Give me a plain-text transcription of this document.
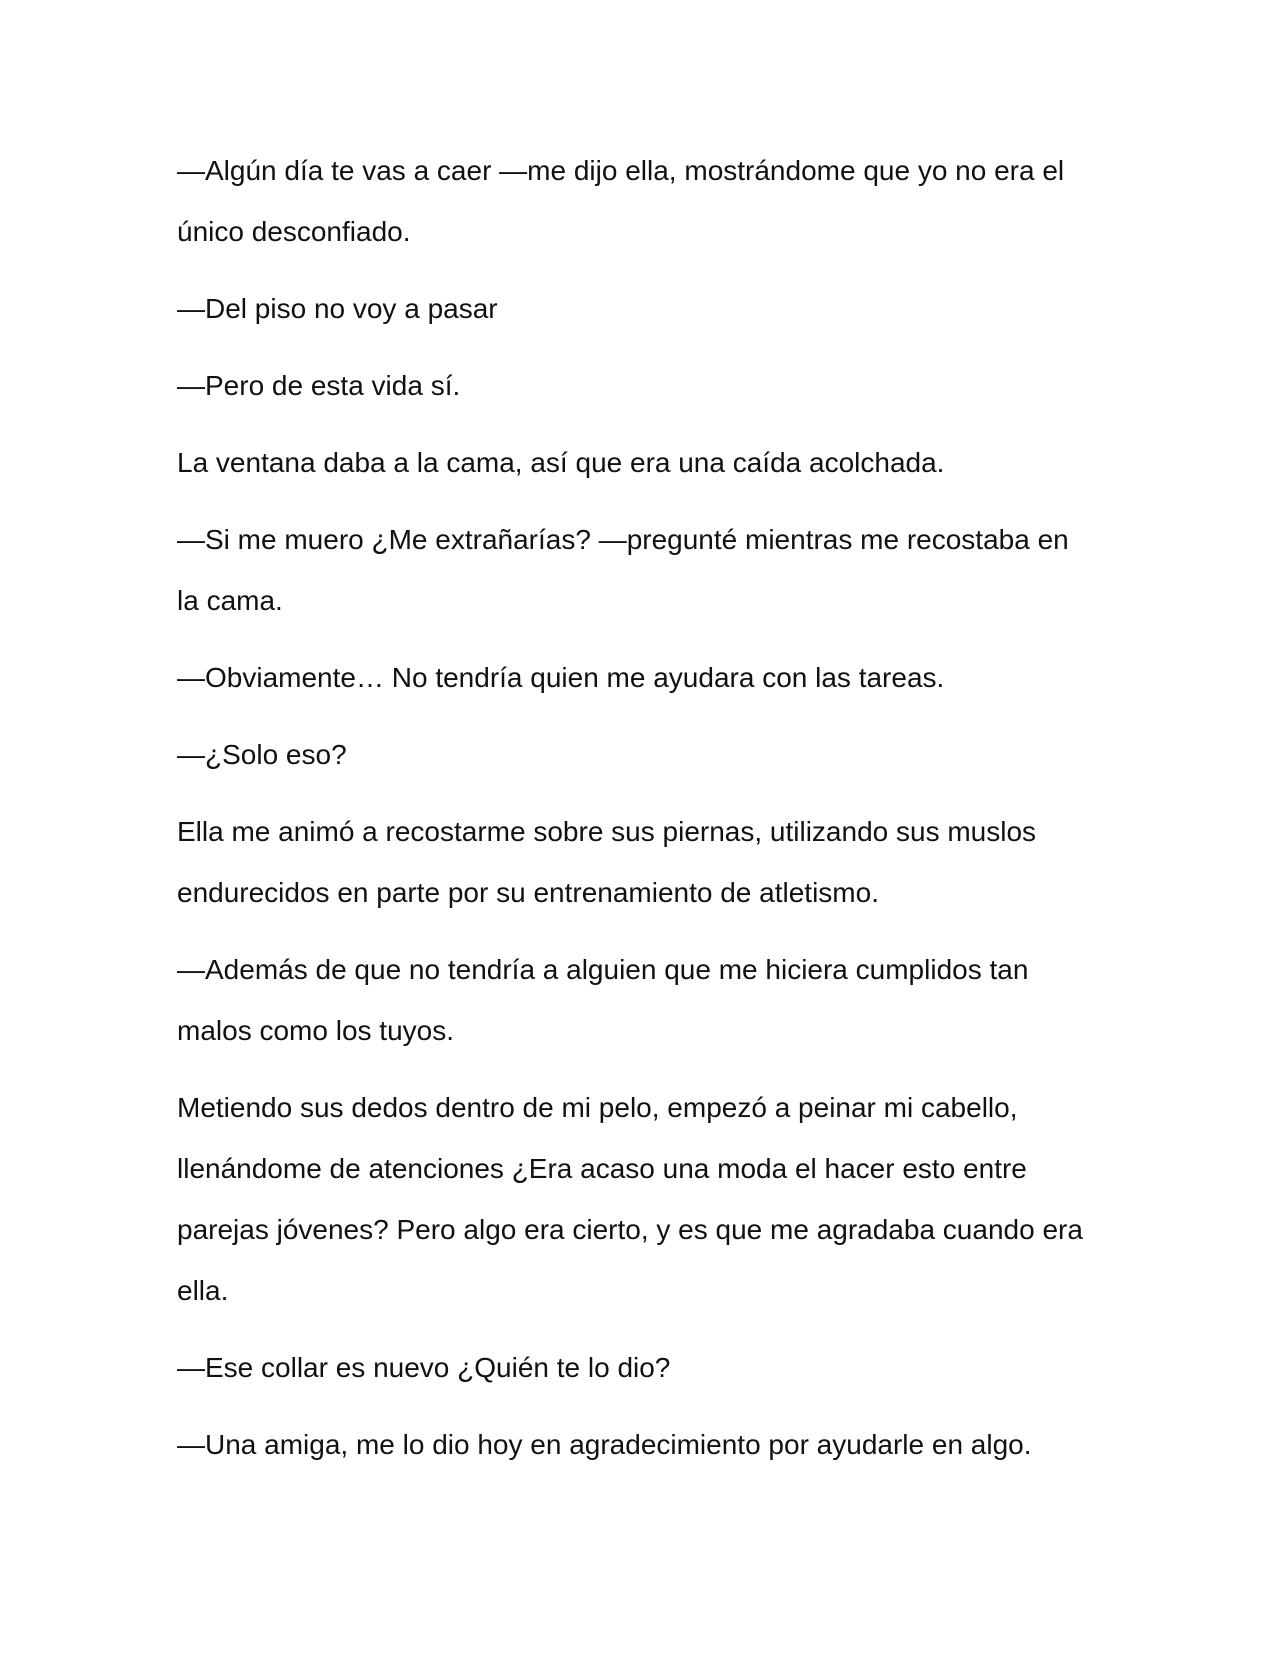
—Algún día te vas a caer —me dijo ella, mostrándome que yo no era el único desconfiado.

—Del piso no voy a pasar

—Pero de esta vida sí.

La ventana daba a la cama, así que era una caída acolchada.

—Si me muero ¿Me extrañarías? —pregunté mientras me recostaba en la cama.

—Obviamente… No tendría quien me ayudara con las tareas.

—¿Solo eso?

Ella me animó a recostarme sobre sus piernas, utilizando sus muslos endurecidos en parte por su entrenamiento de atletismo.

—Además de que no tendría a alguien que me hiciera cumplidos tan malos como los tuyos.

Metiendo sus dedos dentro de mi pelo, empezó a peinar mi cabello, llenándome de atenciones ¿Era acaso una moda el hacer esto entre parejas jóvenes? Pero algo era cierto, y es que me agradaba cuando era ella.

—Ese collar es nuevo ¿Quién te lo dio?

—Una amiga, me lo dio hoy en agradecimiento por ayudarle en algo.
